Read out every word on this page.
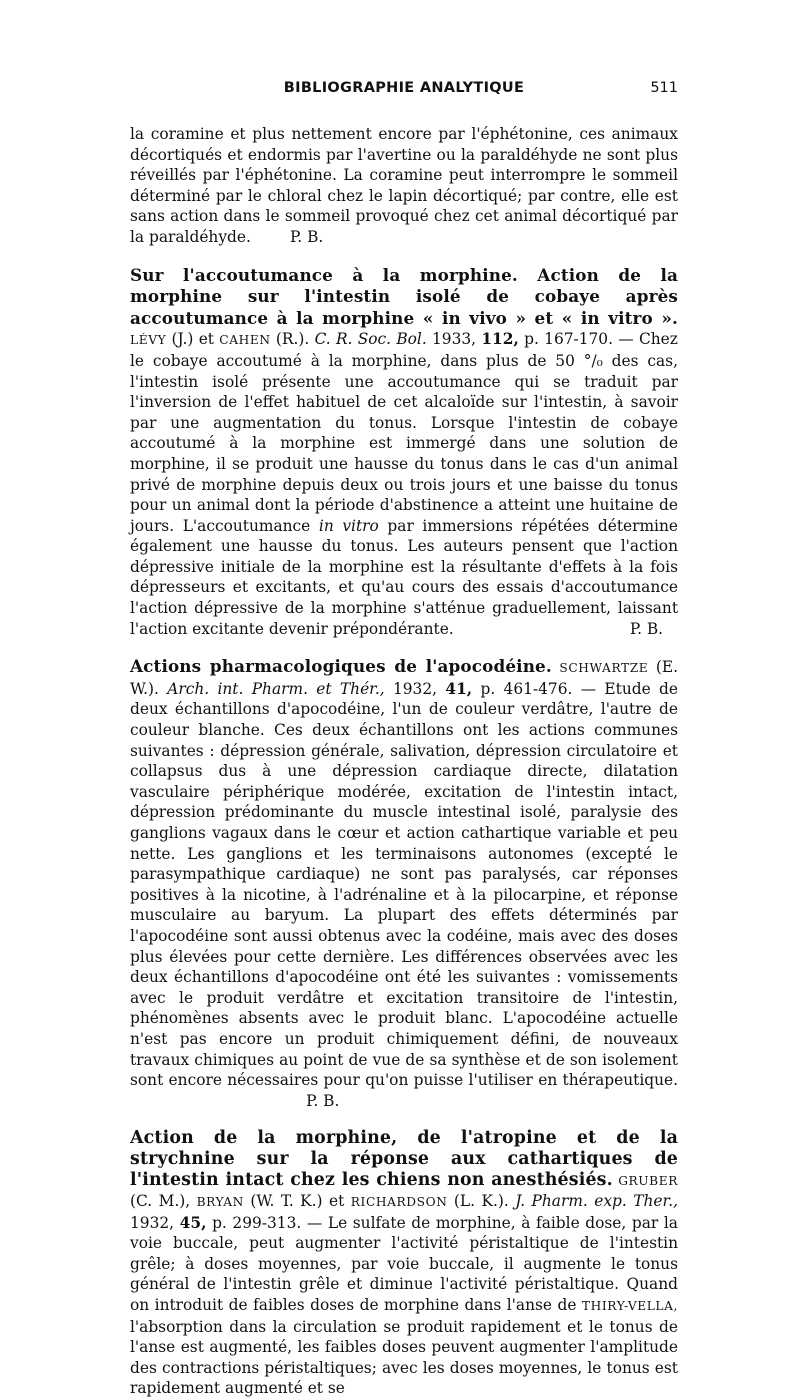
BIBLIOGRAPHIE ANALYTIQUE	511

la coramine et plus nettement encore par l'éphétonine, ces animaux décortiqués et endormis par l'avertine ou la paraldéhyde ne sont plus réveillés par l'éphétonine. La coramine peut interrompre le sommeil déterminé par le chloral chez le lapin décortiqué; par contre, elle est sans action dans le sommeil provoqué chez cet animal décortiqué par la paraldéhyde.	P. B.

Sur l'accoutumance à la morphine. Action de la morphine sur l'intestin isolé de cobaye après accoutumance à la morphine « in vivo » et « in vitro ». LÉVY (J.) et CAHEN (R.). C. R. Soc. Bol. 1933, 112, p. 167-170. — Chez le cobaye accoutumé à la morphine, dans plus de 50 °/₀ des cas, l'intestin isolé présente une accoutumance qui se traduit par l'inversion de l'effet habituel de cet alcaloïde sur l'intestin, à savoir par une augmentation du tonus. Lorsque l'intestin de cobaye accoutumé à la morphine est immergé dans une solution de morphine, il se produit une hausse du tonus dans le cas d'un animal privé de morphine depuis deux ou trois jours et une baisse du tonus pour un animal dont la période d'abstinence a atteint une huitaine de jours. L'accoutumance in vitro par immersions répétées détermine également une hausse du tonus. Les auteurs pensent que l'action dépressive initiale de la morphine est la résultante d'effets à la fois dépresseurs et excitants, et qu'au cours des essais d'accoutumance l'action dépressive de la morphine s'atténue graduellement, laissant l'action excitante devenir prépondérante.	P. B.

Actions pharmacologiques de l'apocodéine. SCHWARTZE (E. W.). Arch. int. Pharm. et Thér., 1932, 41, p. 461-476. — Etude de deux échantillons d'apocodéine, l'un de couleur verdâtre, l'autre de couleur blanche. Ces deux échantillons ont les actions communes suivantes : dépression générale, salivation, dépression circulatoire et collapsus dus à une dépression cardiaque directe, dilatation vasculaire périphérique modérée, excitation de l'intestin intact, dépression prédominante du muscle intestinal isolé, paralysie des ganglions vagaux dans le cœur et action cathartique variable et peu nette. Les ganglions et les terminaisons autonomes (excepté le parasympathique cardiaque) ne sont pas paralysés, car réponses positives à la nicotine, à l'adrénaline et à la pilocarpine, et réponse musculaire au baryum. La plupart des effets déterminés par l'apocodéine sont aussi obtenus avec la codéine, mais avec des doses plus élevées pour cette dernière. Les différences observées avec les deux échantillons d'apocodéine ont été les suivantes : vomissements avec le produit verdâtre et excitation transitoire de l'intestin, phénomènes absents avec le produit blanc. L'apocodéine actuelle n'est pas encore un produit chimiquement défini, de nouveaux travaux chimiques au point de vue de sa synthèse et de son isolement sont encore nécessaires pour qu'on puisse l'utiliser en thérapeutique.                                     P. B.

Action de la morphine, de l'atropine et de la strychnine sur la réponse aux cathartiques de l'intestin intact chez les chiens non anesthésiés. GRUBER (C. M.), BRYAN (W. T. K.) et RICHARDSON (L. K.). J. Pharm. exp. Ther., 1932, 45, p. 299-313. — Le sulfate de morphine, à faible dose, par la voie buccale, peut augmenter l'activité péristaltique de l'intestin grêle; à doses moyennes, par voie buccale, il augmente le tonus général de l'intestin grêle et diminue l'activité péristaltique. Quand on introduit de faibles doses de morphine dans l'anse de THIRY-VELLA, l'absorption dans la circulation se produit rapidement et le tonus de l'anse est augmenté, les faibles doses peuvent augmenter l'amplitude des contractions péristaltiques; avec les doses moyennes, le tonus est rapidement augmenté et se
